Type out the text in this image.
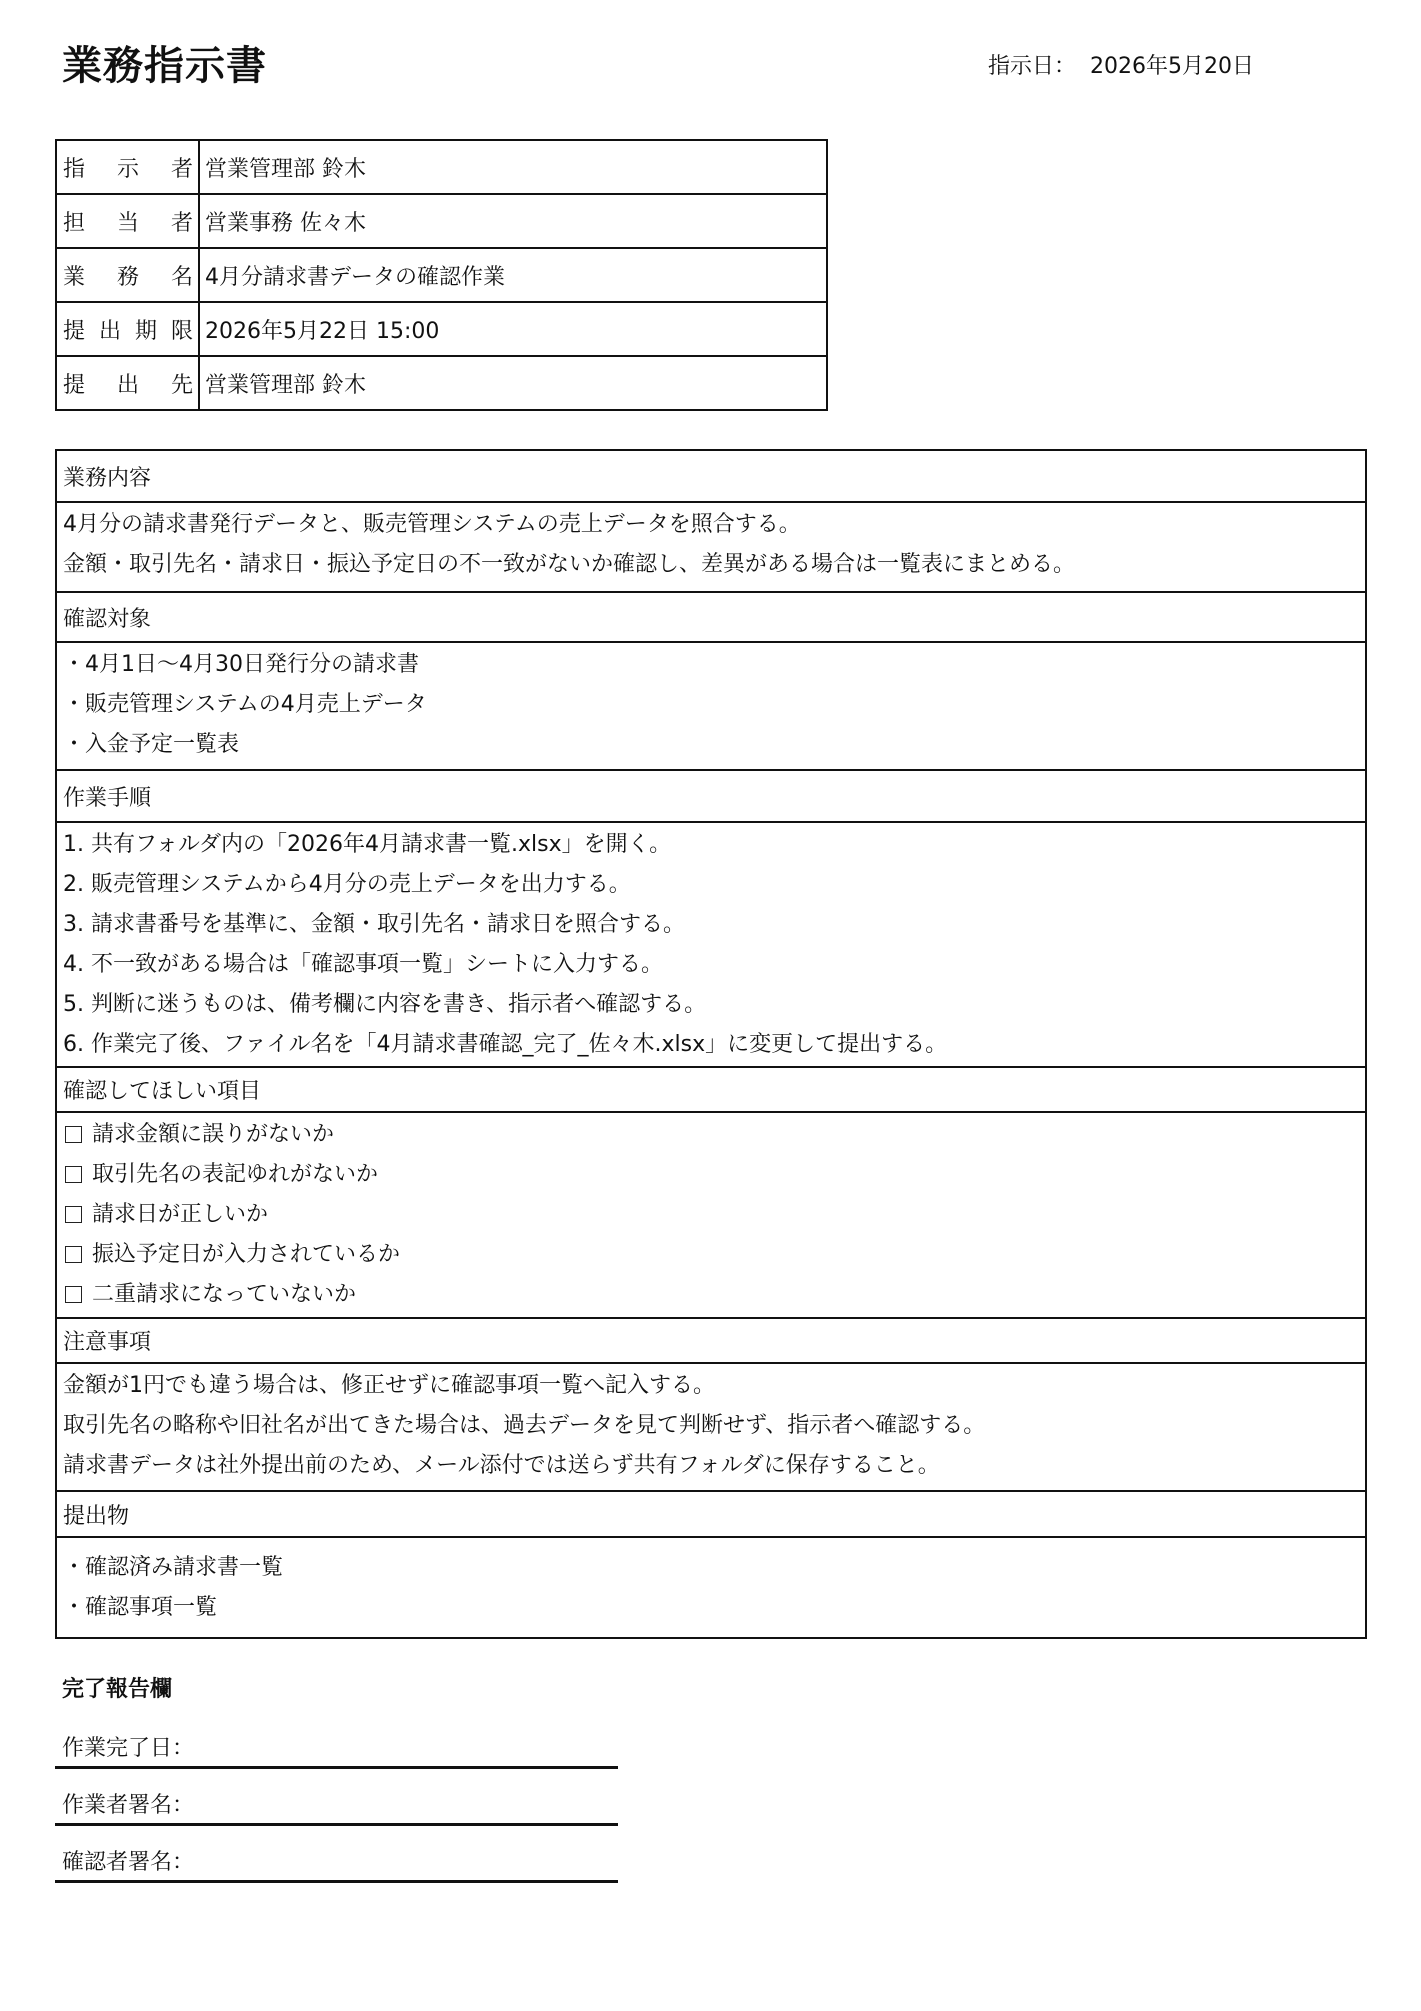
業務指示書	指示日： 2026年5月20日
指 示 者 営業管理部 鈴木
担 当 者 営業事務 佐々木
業 務 名 4月分請求書データの確認作業
提 出 期 限 2026年5月22日 15:00
提 出 先 営業管理部 鈴木
業務内容
4月分の請求書発行データと、販売管理システムの売上データを照合する。
金額・取引先名・請求日・振込予定日の不一致がないか確認し、差異がある場合は一覧表にまとめる。
確認対象
・4月1日～4月30日発行分の請求書
・販売管理システムの4月売上データ
・入金予定一覧表
作業手順
1. 共有フォルダ内の「2026年4月請求書一覧.xlsx」を開く。
2. 販売管理システムから4月分の売上データを出力する。
3. 請求書番号を基準に、金額・取引先名・請求日を照合する。
4. 不一致がある場合は「確認事項一覧」シートに入力する。
5. 判断に迷うものは、備考欄に内容を書き、指示者へ確認する。
6. 作業完了後、ファイル名を「4月請求書確認_完了_佐々木.xlsx」に変更して提出する。
確認してほしい項目
請求金額に誤りがないか
取引先名の表記ゆれがないか
請求日が正しいか
振込予定日が入力されているか
二重請求になっていないか
注意事項
金額が1円でも違う場合は、修正せずに確認事項一覧へ記入する。
取引先名の略称や旧社名が出てきた場合は、過去データを見て判断せず、指示者へ確認する。
請求書データは社外提出前のため、メール添付では送らず共有フォルダに保存すること。
提出物
・確認済み請求書一覧
・確認事項一覧
完了報告欄
作業完了日：
作業者署名：
確認者署名：
